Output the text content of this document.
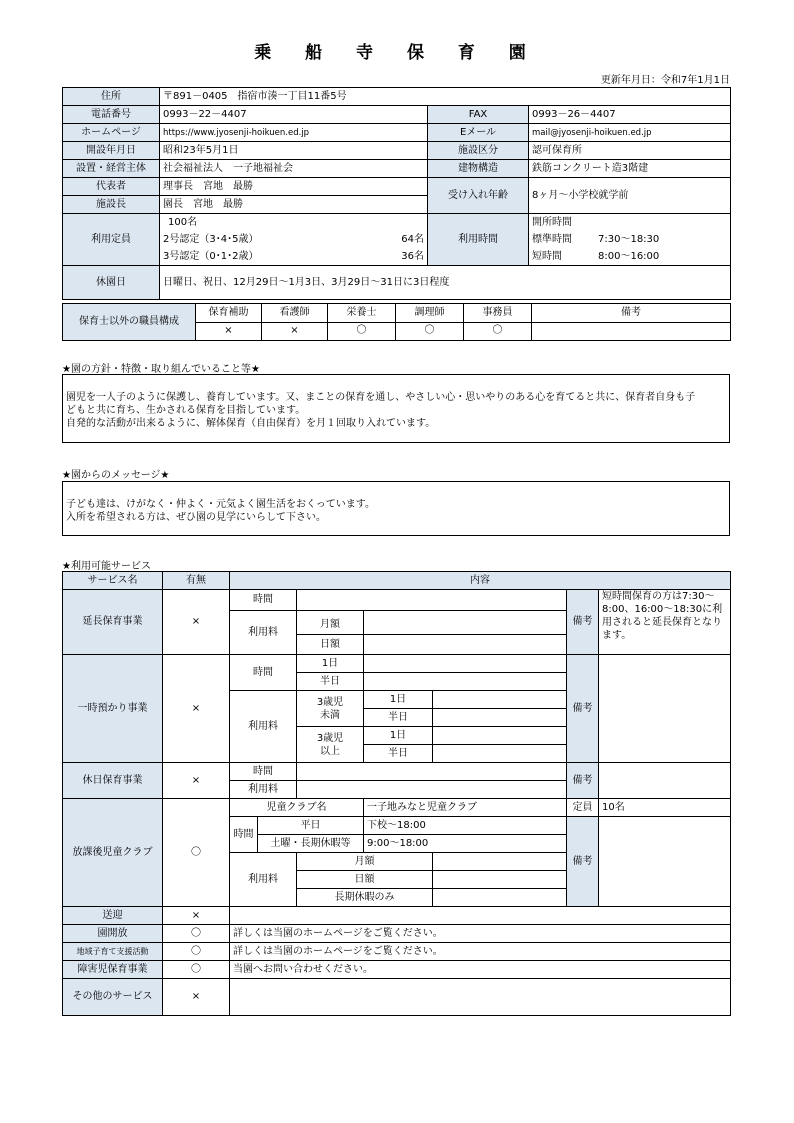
乗 船 寺 保 育 園
更新年月日：令和7年1月1日
住所	〒891－0405　指宿市湊一丁目11番5号			
電話番号	0993－22－4407		FAX	0993－26－4407
ホームページ	https://www.jyosenji-hoikuen.ed.jp		Eメール	mail@jyosenji-hoikuen.ed.jp
開設年月日	昭和23年5月1日		施設区分	認可保育所
設置・経営主体	社会福祉法人　一子地福祉会		建物構造	鉄筋コンクリート造3階建
代表者	理事長　宮地　最勝		受け入れ年齢	8ヶ月～小学校就学前
施設長	園長　宮地　最勝			
利用定員	100名		利用時間	開所時間
	2号認定（3･4･5歳）	64名		標準時間 7:30～18:30
	3号認定（0･1･2歳）	36名		短時間 8:00～16:00
休園日	日曜日、祝日、12月29日～1月3日、3月29日～31日に3日程度			
保育士以外の職員構成	保育補助	看護師	栄養士	調理師	事務員	備考
	×	×	〇	〇	〇	
★園の方針・特徴・取り組んでいること等★

園児を一人子のように保護し、養育しています。又、まことの保育を通し、やさしい心・思いやりのある心を育てると共に、保育者自身も子
どもと共に育ち、生かされる保育を目指しています。
自発的な活動が出来るように、解体保育（自由保育）を月１回取り入れています。

★園からのメッセージ★

子ども達は、けがなく・仲よく・元気よく園生活をおくっています。
入所を希望される方は、ぜひ園の見学にいらして下さい。

★利用可能サービス
サービス名	有無	内容						
延長保育事業	×	時間					備考	短時間保育の方は7:30～8:00、16:00～18:30に利用されると延長保育となります。
		利用料						
				月額				
				日額				
一時預かり事業	×	時間		1日			備考	
				半日				
		利用料		3歳児
未満	1日			
					半日			
				3歳児
以上	1日			
					半日			
休日保育事業	×	時間					備考	
		利用料						
放課後児童クラブ	〇	児童クラブ名			一子地みなと児童クラブ		定員	10名
		時間	平日		下校～18:00		備考	
			土曜・長期休暇等		9:00～18:00			
		利用料		月額				
				日額				
				長期休暇のみ				
送迎	×							
園開放	〇	詳しくは当園のホームページをご覧ください。						
地域子育て支援活動	〇	詳しくは当園のホームページをご覧ください。						
障害児保育事業	〇	当園へお問い合わせください。						
その他のサービス	×							
